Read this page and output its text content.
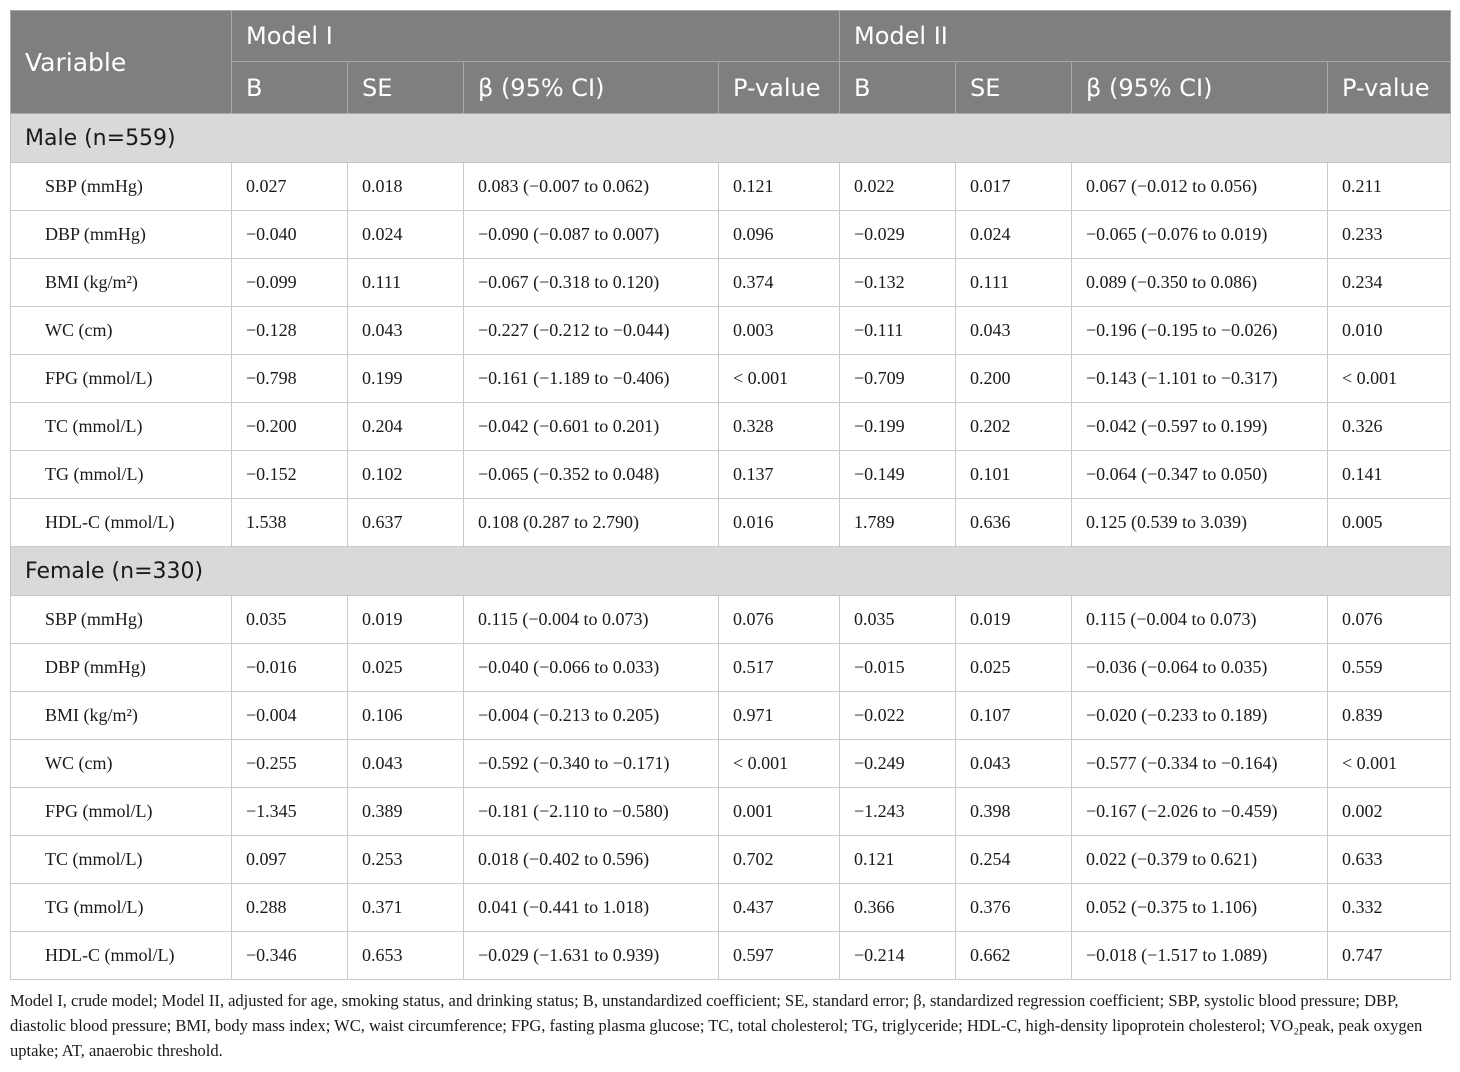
Variable	Model I				Model II			
	B	SE	β (95% CI)	P-value	B	SE	β (95% CI)	P-value
Male (n=559)								
SBP (mmHg)	0.027	0.018	0.083 (−0.007 to 0.062)	0.121	0.022	0.017	0.067 (−0.012 to 0.056)	0.211
DBP (mmHg)	−0.040	0.024	−0.090 (−0.087 to 0.007)	0.096	−0.029	0.024	−0.065 (−0.076 to 0.019)	0.233
BMI (kg/m²)	−0.099	0.111	−0.067 (−0.318 to 0.120)	0.374	−0.132	0.111	0.089 (−0.350 to 0.086)	0.234
WC (cm)	−0.128	0.043	−0.227 (−0.212 to −0.044)	0.003	−0.111	0.043	−0.196 (−0.195 to −0.026)	0.010
FPG (mmol/L)	−0.798	0.199	−0.161 (−1.189 to −0.406)	< 0.001	−0.709	0.200	−0.143 (−1.101 to −0.317)	< 0.001
TC (mmol/L)	−0.200	0.204	−0.042 (−0.601 to 0.201)	0.328	−0.199	0.202	−0.042 (−0.597 to 0.199)	0.326
TG (mmol/L)	−0.152	0.102	−0.065 (−0.352 to 0.048)	0.137	−0.149	0.101	−0.064 (−0.347 to 0.050)	0.141
HDL-C (mmol/L)	1.538	0.637	0.108 (0.287 to 2.790)	0.016	1.789	0.636	0.125 (0.539 to 3.039)	0.005
Female (n=330)								
SBP (mmHg)	0.035	0.019	0.115 (−0.004 to 0.073)	0.076	0.035	0.019	0.115 (−0.004 to 0.073)	0.076
DBP (mmHg)	−0.016	0.025	−0.040 (−0.066 to 0.033)	0.517	−0.015	0.025	−0.036 (−0.064 to 0.035)	0.559
BMI (kg/m²)	−0.004	0.106	−0.004 (−0.213 to 0.205)	0.971	−0.022	0.107	−0.020 (−0.233 to 0.189)	0.839
WC (cm)	−0.255	0.043	−0.592 (−0.340 to −0.171)	< 0.001	−0.249	0.043	−0.577 (−0.334 to −0.164)	< 0.001
FPG (mmol/L)	−1.345	0.389	−0.181 (−2.110 to −0.580)	0.001	−1.243	0.398	−0.167 (−2.026 to −0.459)	0.002
TC (mmol/L)	0.097	0.253	0.018 (−0.402 to 0.596)	0.702	0.121	0.254	0.022 (−0.379 to 0.621)	0.633
TG (mmol/L)	0.288	0.371	0.041 (−0.441 to 1.018)	0.437	0.366	0.376	0.052 (−0.375 to 1.106)	0.332
HDL-C (mmol/L)	−0.346	0.653	−0.029 (−1.631 to 0.939)	0.597	−0.214	0.662	−0.018 (−1.517 to 1.089)	0.747
Model I, crude model; Model II, adjusted for age, smoking status, and drinking status; B, unstandardized coefficient; SE, standard error; β, standardized regression coefficient; SBP, systolic blood pressure; DBP, diastolic blood pressure; BMI, body mass index; WC, waist circumference; FPG, fasting plasma glucose; TC, total cholesterol; TG, triglyceride; HDL-C, high-density lipoprotein cholesterol; VO₂peak, peak oxygen uptake; AT, anaerobic threshold.
